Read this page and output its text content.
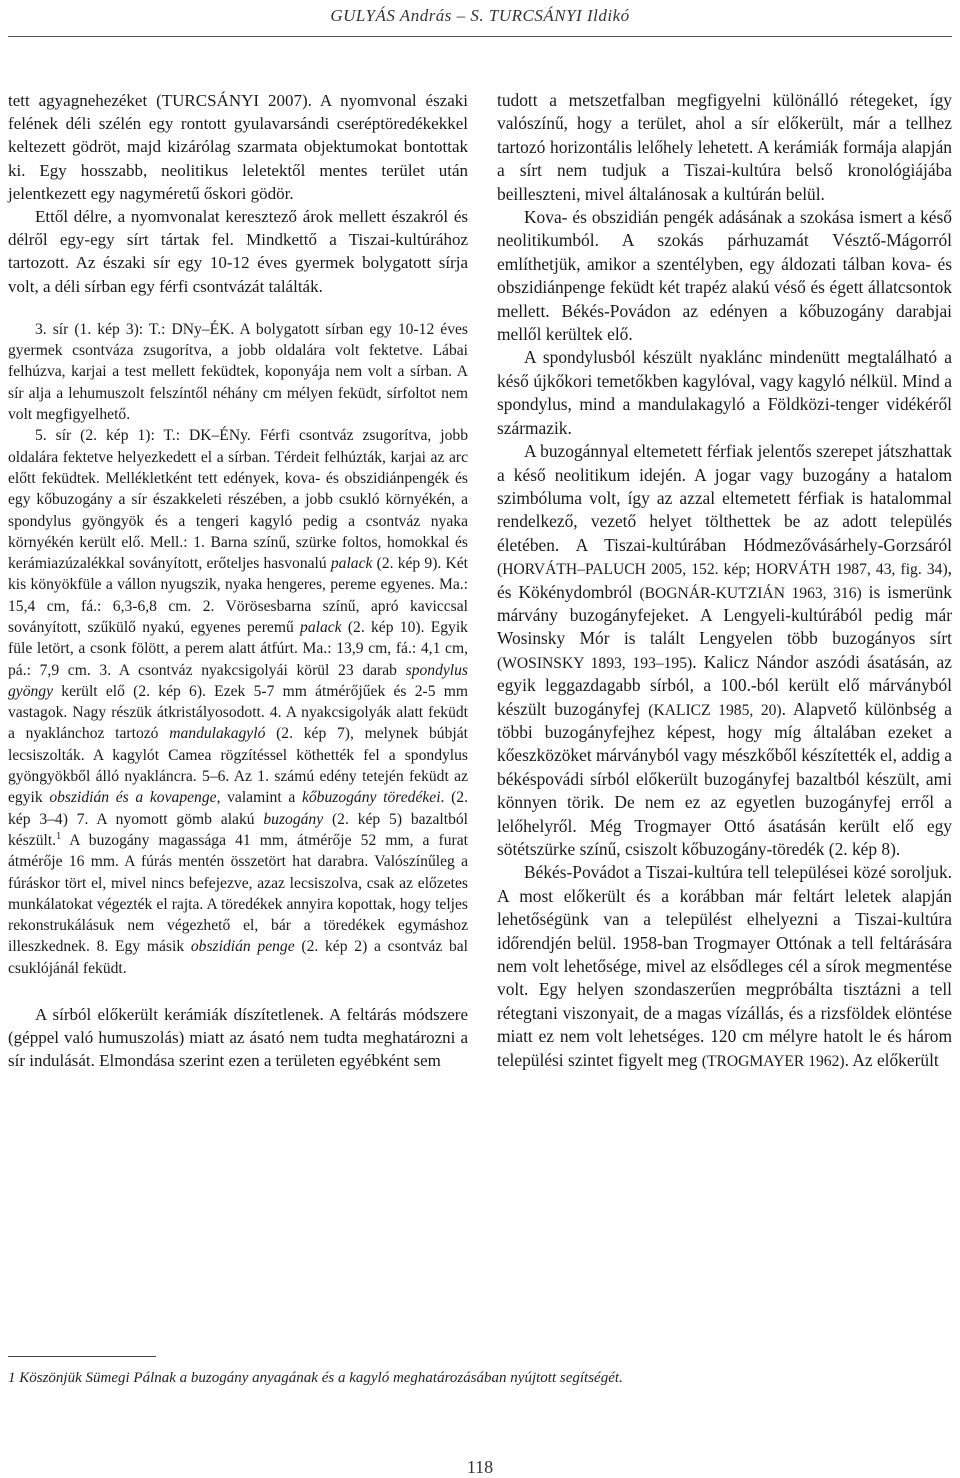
GULYÁS András – S. TURCSÁNYI Ildikó

tett agyagnehezéket (TURCSÁNYI 2007). A nyomvonal északi felének déli szélén egy rontott gyulavarsándi cseréptöredékekkel keltezett gödröt, majd kizárólag szarmata objektumokat bontottak ki. Egy hosszabb, neolitikus leletektől mentes terület után jelentkezett egy nagyméretű őskori gödör.

Ettől délre, a nyomvonalat keresztező árok mellett északról és délről egy-egy sírt tártak fel. Mindkettő a Tiszai-kultúrához tartozott. Az északi sír egy 10-12 éves gyermek bolygatott sírja volt, a déli sírban egy férfi csontvázát találták.

3. sír (1. kép 3): T.: DNy–ÉK. A bolygatott sírban egy 10-12 éves gyermek csontváza zsugorítva, a jobb oldalára volt fektetve. Lábai felhúzva, karjai a test mellett feküdtek, koponyája nem volt a sírban. A sír alja a lehumuszolt felszíntől néhány cm mélyen feküdt, sírfoltot nem volt megfigyelhető.

5. sír (2. kép 1): T.: DK–ÉNy. Férfi csontváz zsugorítva, jobb oldalára fektetve helyezkedett el a sírban. Térdeit felhúzták, karjai az arc előtt feküdtek. Mellékletként tett edények, kova- és obszidiánpengék és egy kőbuzogány a sír északkeleti részében, a jobb csukló környékén, a spondylus gyöngyök és a tengeri kagyló pedig a csontváz nyaka környékén került elő. Mell.: 1. Barna színű, szürke foltos, homokkal és kerámiazúzalékkal soványított, erőteljes hasvonalú palack (2. kép 9). Két kis könyökfüle a vállon nyugszik, nyaka hengeres, pereme egyenes. Ma.: 15,4 cm, fá.: 6,3-6,8 cm. 2. Vörösesbarna színű, apró kaviccsal soványított, szűkülő nyakú, egyenes peremű palack (2. kép 10). Egyik füle letört, a csonk fölött, a perem alatt átfúrt. Ma.: 13,9 cm, fá.: 4,1 cm, pá.: 7,9 cm. 3. A csontváz nyakcsigolyái körül 23 darab spondylus gyöngy került elő (2. kép 6). Ezek 5-7 mm átmérőjűek és 2-5 mm vastagok. Nagy részük átkristályosodott. 4. A nyakcsigolyák alatt feküdt a nyaklánchoz tartozó mandulakagyló (2. kép 7), melynek búbját lecsiszolták. A kagylót Camea rögzítéssel köthették fel a spondylus gyöngyökből álló nyakláncra. 5–6. Az 1. számú edény tetején feküdt az egyik obszidián és a kovapenge, valamint a kőbuzogány töredékei. (2. kép 3–4) 7. A nyomott gömb alakú buzogány (2. kép 5) bazaltból készült.$^1$ A buzogány magassága 41 mm, átmérője 52 mm, a furat átmérője 16 mm. A fúrás mentén összetört hat darabra. Valószínűleg a fúráskor tört el, mivel nincs befejezve, azaz lecsiszolva, csak az előzetes munkálatokat végezték el rajta. A töredékek annyira kopottak, hogy teljes rekonstrukálásuk nem végezhető el, bár a töredékek egymáshoz illeszkednek. 8. Egy másik obszidián penge (2. kép 2) a csontváz bal csuklójánál feküdt.

A sírból előkerült kerámiák díszítetlenek. A feltárás módszere (géppel való humuszolás) miatt az ásató nem tudta meghatározni a sír indulását. Elmondása szerint ezen a területen egyébként sem

tudott a metszetfalban megfigyelni különálló rétegeket, így valószínű, hogy a terület, ahol a sír előkerült, már a tellhez tartozó horizontális lelőhely lehetett. A kerámiák formája alapján a sírt nem tudjuk a Tiszai-kultúra belső kronológiájába beilleszteni, mivel általánosak a kultúrán belül.

Kova- és obszidián pengék adásának a szokása ismert a késő neolitikumból. A szokás párhuzamát Vésztő-Mágorról említhetjük, amikor a szentélyben, egy áldozati tálban kova- és obszidiánpenge feküdt két trapéz alakú véső és égett állatcsontok mellett. Békés-Povádon az edényen a kőbuzogány darabjai mellől kerültek elő.

A spondylusból készült nyaklánc mindenütt megtalálható a késő újkőkori temetőkben kagylóval, vagy kagyló nélkül. Mind a spondylus, mind a mandulakagyló a Földközi-tenger vidékéről származik.

A buzogánnyal eltemetett férfiak jelentős szerepet játszhattak a késő neolitikum idején. A jogar vagy buzogány a hatalom szimbóluma volt, így az azzal eltemetett férfiak is hatalommal rendelkező, vezető helyet tölthettek be az adott település életében. A Tiszai-kultúrában Hódmezővásárhely-Gorzsáról (HORVÁTH–PALUCH 2005, 152. kép; HORVÁTH 1987, 43, fig. 34), és Kökénydombról (BOGNÁR-KUTZIÁN 1963, 316) is ismerünk márvány buzogányfejeket. A Lengyeli-kultúrából pedig már Wosinsky Mór is talált Lengyelen több buzogányos sírt (WOSINSKY 1893, 193–195). Kalicz Nándor aszódi ásatásán, az egyik leggazdagabb sírból, a 100.-ból került elő márványból készült buzogányfej (KALICZ 1985, 20). Alapvető különbség a többi buzogányfejhez képest, hogy míg általában ezeket a kőeszközöket márványból vagy mészkőből készítették el, addig a békéspovádi sírból előkerült buzogányfej bazaltból készült, ami könnyen törik. De nem ez az egyetlen buzogányfej erről a lelőhelyről. Még Trogmayer Ottó ásatásán került elő egy sötétszürke színű, csiszolt kőbuzogány-töredék (2. kép 8).

Békés-Povádot a Tiszai-kultúra tell települései közé soroljuk. A most előkerült és a korábban már feltárt leletek alapján lehetőségünk van a települést elhelyezni a Tiszai-kultúra időrendjén belül. 1958-ban Trogmayer Ottónak a tell feltárására nem volt lehetősége, mivel az elsődleges cél a sírok megmentése volt. Egy helyen szondaszerűen megpróbálta tisztázni a tell rétegtani viszonyait, de a magas vízállás, és a rizsföldek elöntése miatt ez nem volt lehetséges. 120 cm mélyre hatolt le és három települési szintet figyelt meg (TROGMAYER 1962). Az előkerült

1 Köszönjük Sümegi Pálnak a buzogány anyagának és a kagyló meghatározásában nyújtott segítségét.
118
